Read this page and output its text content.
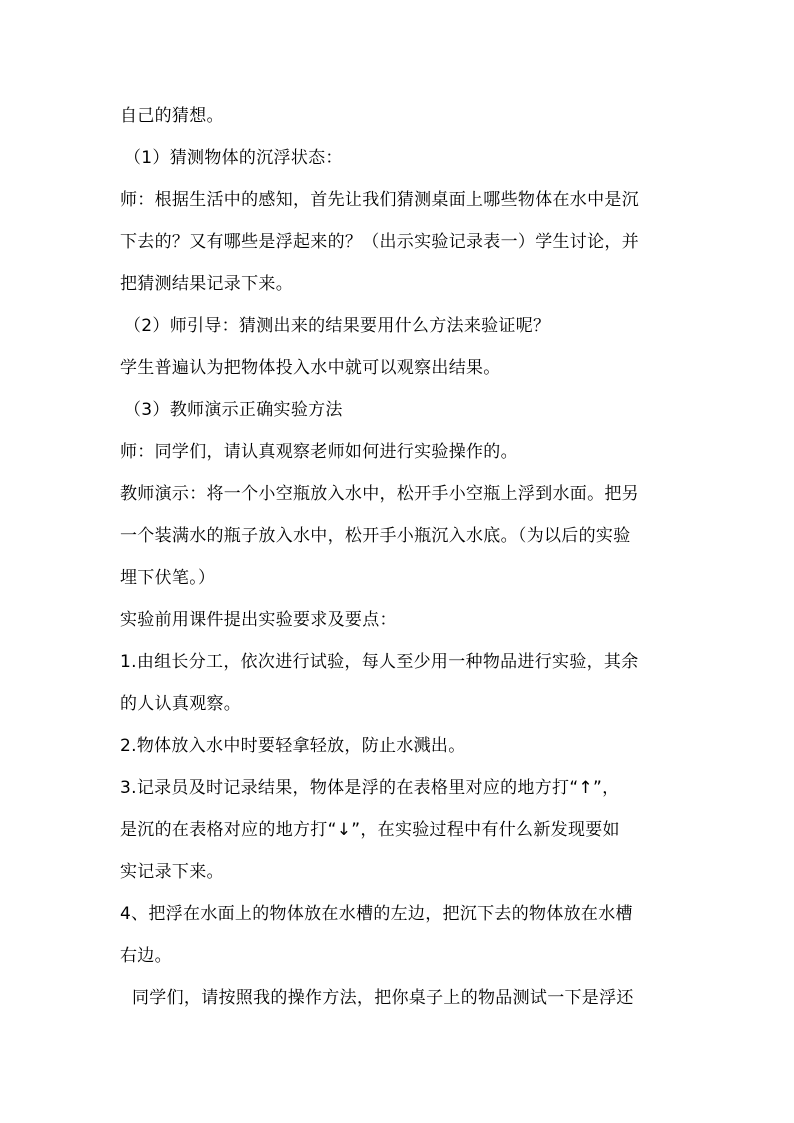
自己的猜想。
（1）猜测物体的沉浮状态：
师：根据生活中的感知，首先让我们猜测桌面上哪些物体在水中是沉
下去的？又有哪些是浮起来的？（出示实验记录表一）学生讨论，并
把猜测结果记录下来。
（2）师引导：猜测出来的结果要用什么方法来验证呢？
学生普遍认为把物体投入水中就可以观察出结果。
（3）教师演示正确实验方法
师：同学们，请认真观察老师如何进行实验操作的。
教师演示：将一个小空瓶放入水中，松开手小空瓶上浮到水面。把另
一个装满水的瓶子放入水中，松开手小瓶沉入水底。（为以后的实验
埋下伏笔。）
实验前用课件提出实验要求及要点：
1.由组长分工，依次进行试验，每人至少用一种物品进行实验，其余
的人认真观察。
2.物体放入水中时要轻拿轻放，防止水溅出。
3.记录员及时记录结果，物体是浮的在表格里对应的地方打“↑”，
是沉的在表格对应的地方打“↓”，在实验过程中有什么新发现要如
实记录下来。
4、把浮在水面上的物体放在水槽的左边，把沉下去的物体放在水槽
右边。
同学们，请按照我的操作方法，把你桌子上的物品测试一下是浮还
